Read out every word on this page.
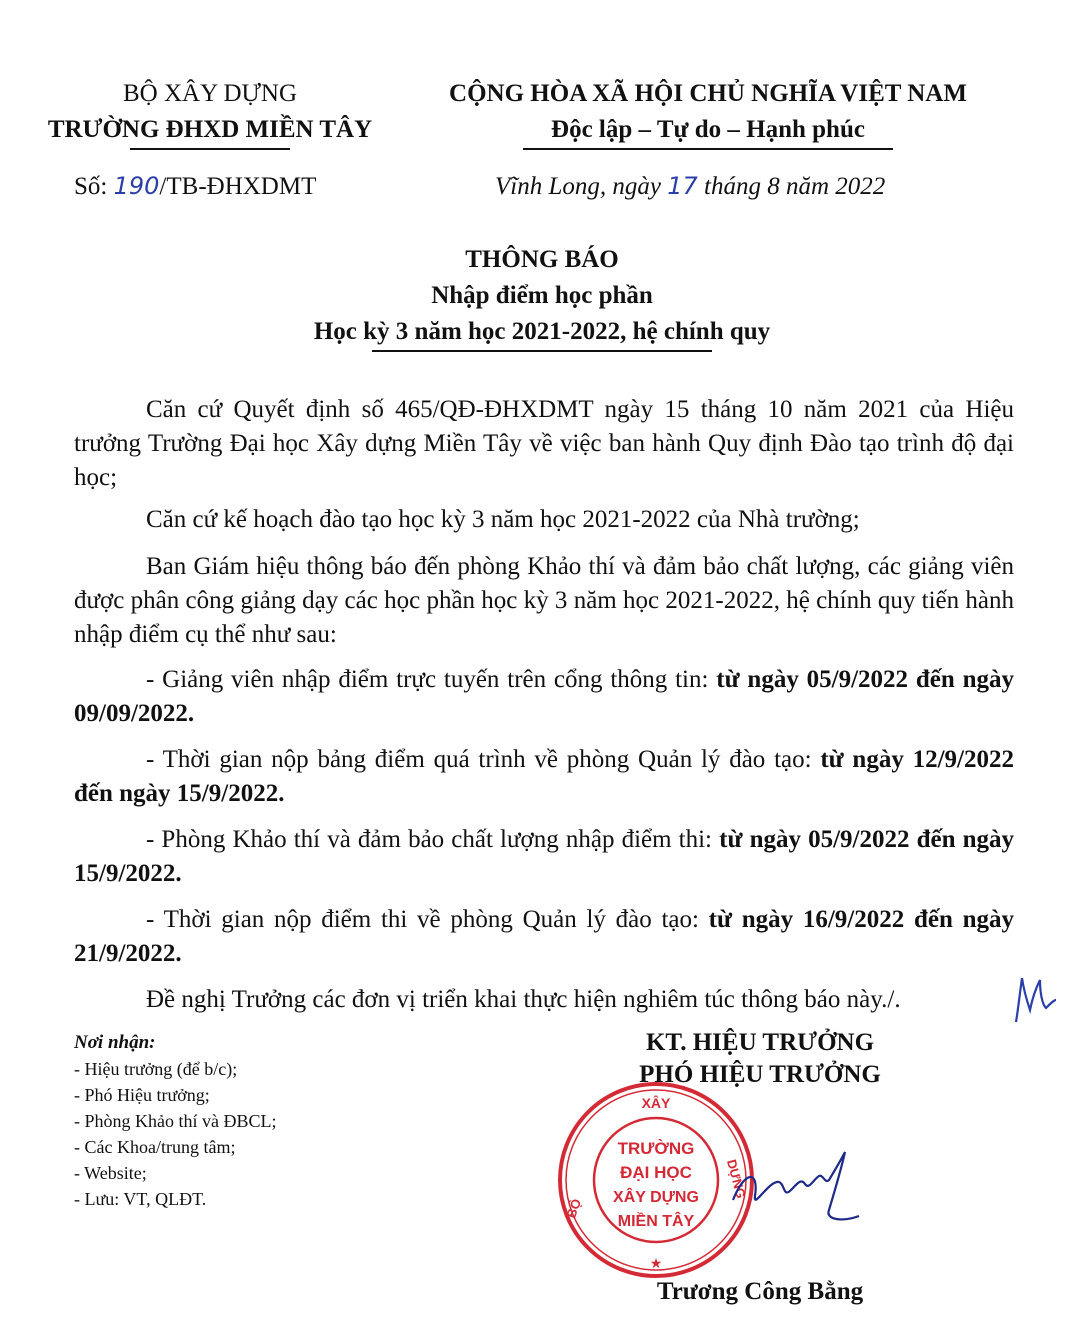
BỘ XÂY DỰNG
TRƯỜNG ĐHXD MIỀN TÂY
CỘNG HÒA XÃ HỘI CHỦ NGHĨA VIỆT NAM
Độc lập – Tự do – Hạnh phúc
Số: 190/TB-ĐHXDMT	Vĩnh Long, ngày 17 tháng 8 năm 2022
THÔNG BÁO
Nhập điểm học phần
Học kỳ 3 năm học 2021-2022, hệ chính quy
Căn cứ Quyết định số 465/QĐ-ĐHXDMT ngày 15 tháng 10 năm 2021 của Hiệu trưởng Trường Đại học Xây dựng Miền Tây về việc ban hành Quy định Đào tạo trình độ đại học;
Căn cứ kế hoạch đào tạo học kỳ 3 năm học 2021-2022 của Nhà trường;
Ban Giám hiệu thông báo đến phòng Khảo thí và đảm bảo chất lượng, các giảng viên được phân công giảng dạy các học phần học kỳ 3 năm học 2021-2022, hệ chính quy tiến hành nhập điểm cụ thể như sau:
- Giảng viên nhập điểm trực tuyến trên cổng thông tin: từ ngày 05/9/2022 đến ngày 09/09/2022.
- Thời gian nộp bảng điểm quá trình về phòng Quản lý đào tạo: từ ngày 12/9/2022 đến ngày 15/9/2022.
- Phòng Khảo thí và đảm bảo chất lượng nhập điểm thi: từ ngày 05/9/2022 đến ngày 15/9/2022.
- Thời gian nộp điểm thi về phòng Quản lý đào tạo: từ ngày 16/9/2022 đến ngày 21/9/2022.
Đề nghị Trưởng các đơn vị triển khai thực hiện nghiêm túc thông báo này./.
Nơi nhận:
- Hiệu trưởng (để b/c);
- Phó Hiệu trưởng;
- Phòng Khảo thí và ĐBCL;
- Các Khoa/trung tâm;
- Website;
- Lưu: VT, QLĐT.
KT. HIỆU TRƯỞNG
PHÓ HIỆU TRƯỞNG
XÂY
DỰNG
BỘ
TRƯỜNG
ĐẠI HỌC
XÂY DỰNG
MIỀN TÂY
★
Trương Công Bằng
